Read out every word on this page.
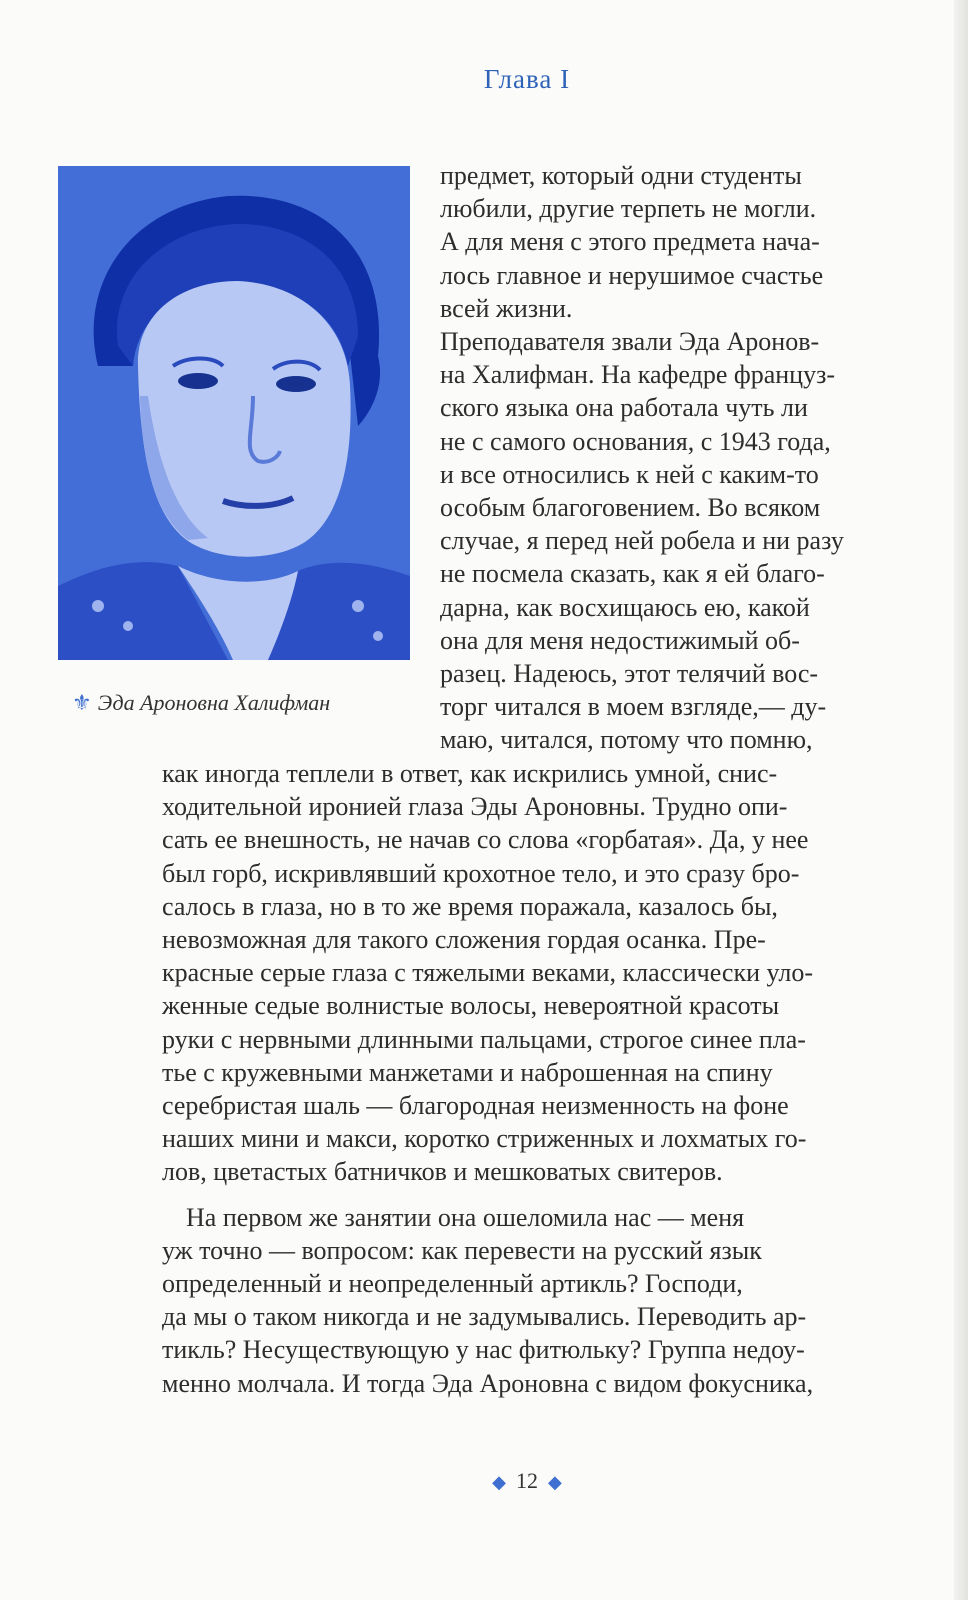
Глава I
⚜ Эда Ароновна Халифман

предмет, который одни студенты

любили, другие терпеть не могли.

А для меня с этого предмета нача-

лось главное и нерушимое счастье

всей жизни.

Преподавателя звали Эда Аронов-

на Халифман. На кафедре француз-

ского языка она работала чуть ли

не с самого основания, с 1943 года,

и все относились к ней с каким-то

особым благоговением. Во всяком

случае, я перед ней робела и ни разу

не посмела сказать, как я ей благо-

дарна, как восхищаюсь ею, какой

она для меня недостижимый об-

разец. Надеюсь, этот телячий вос-

торг читался в моем взгляде,— ду-

маю, читался, потому что помню,

как иногда теплели в ответ, как искрились умной, снис-

ходительной иронией глаза Эды Ароновны. Трудно опи-

сать ее внешность, не начав со слова «горбатая». Да, у нее

был горб, искривлявший крохотное тело, и это сразу бро-

салось в глаза, но в то же время поражала, казалось бы,

невозможная для такого сложения гордая осанка. Пре-

красные серые глаза с тяжелыми веками, классически уло-

женные седые волнистые волосы, невероятной красоты

руки с нервными длинными пальцами, строгое синее пла-

тье с кружевными манжетами и наброшенная на спину

серебристая шаль — благородная неизменность на фоне

наших мини и макси, коротко стриженных и лохматых го-

лов, цветастых батничков и мешковатых свитеров.

На первом же занятии она ошеломила нас — меня

уж точно — вопросом: как перевести на русский язык

определенный и неопределенный артикль? Господи,

да мы о таком никогда и не задумывались. Переводить ар-

тикль? Несуществующую у нас фитюльку? Группа недоу-

менно молчала. И тогда Эда Ароновна с видом фокусника,

◆ 12 ◆
